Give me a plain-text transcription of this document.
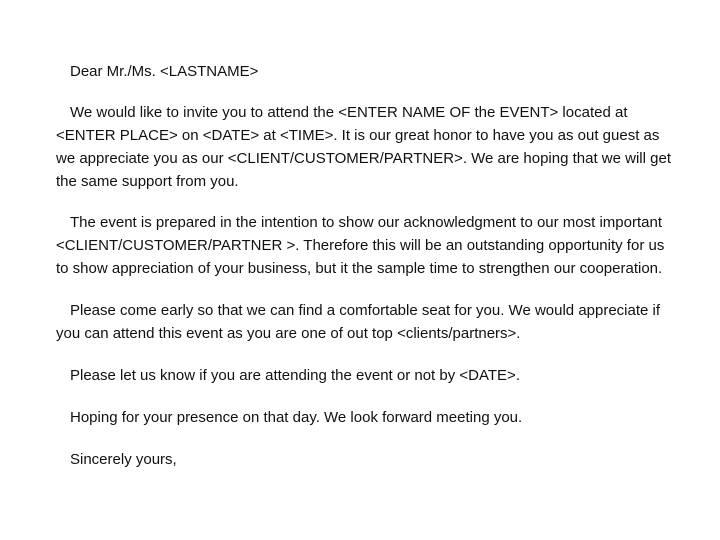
Dear Mr./Ms. <LASTNAME>

We would like to invite you to attend the <ENTER NAME OF the EVENT> located at <ENTER PLACE> on <DATE> at <TIME>. It is our great honor to have you as out guest as we appreciate you as our <CLIENT/CUSTOMER/PARTNER>. We are hoping that we will get the same support from you.

The event is prepared in the intention to show our acknowledgment to our most important <CLIENT/CUSTOMER/PARTNER >. Therefore this will be an outstanding opportunity for us to show appreciation of your business, but it the sample time to strengthen our cooperation.

Please come early so that we can find a comfortable seat for you. We would appreciate if you can attend this event as you are one of out top <clients/partners>.

Please let us know if you are attending the event or not by <DATE>.

Hoping for your presence on that day. We look forward meeting you.

Sincerely yours,
